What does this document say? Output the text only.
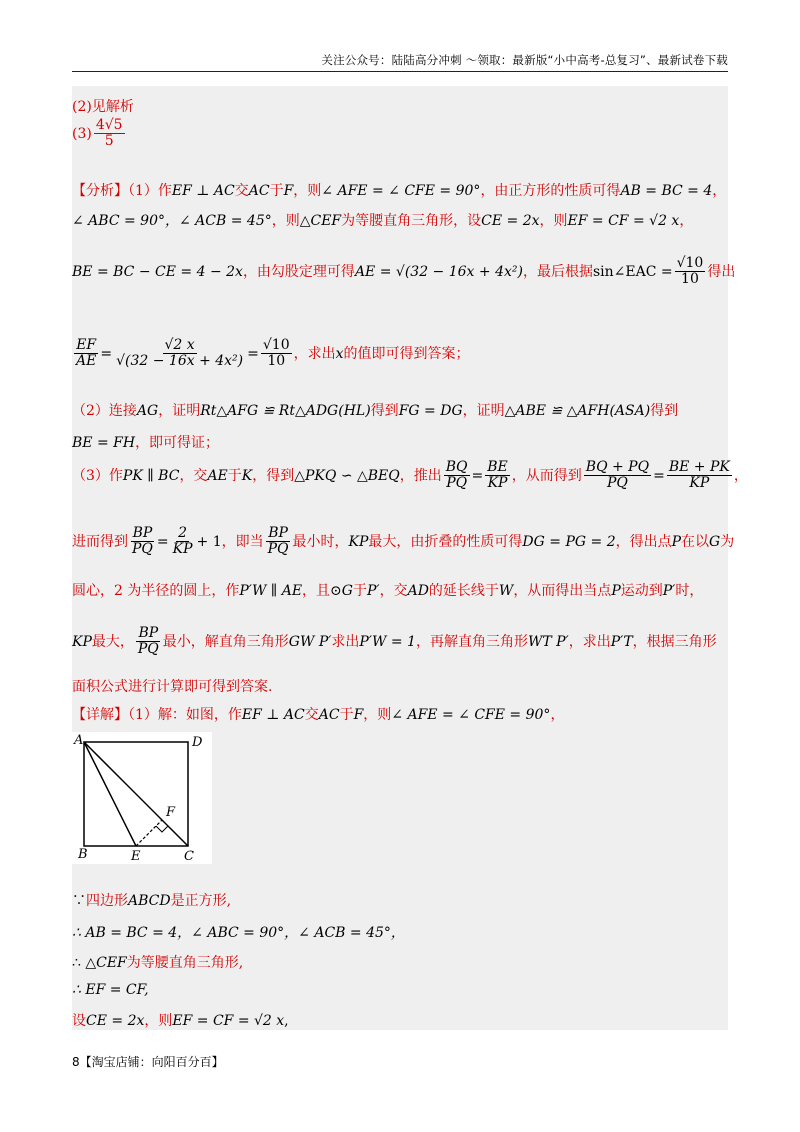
关注公众号：陆陆高分冲刺 〜领取：最新版“小中高考-总复习”、最新试卷下载
(2)见解析
$(3) \frac{4√5}{5}$
【分析】（1）作EF ⊥ AC交AC于F，则∠ AFE = ∠ CFE = 90°，由正方形的性质可得AB = BC = 4，
∠ ABC = 90°，∠ ACB = 45°，则△CEF为等腰直角三角形，设CE = 2x，则EF = CF = √2 x，
BE = BC − CE = 4 − 2x，由勾股定理可得AE = √(32 − 16x + 4x²)，最后根据sin∠EAC = $\frac{√10}{10}$ 得出
$\frac{EF}{AE} = \frac{√2 x}{\text{√(32 − 16x + 4x²)}} = \frac{√10}{10}$ ，求出x的值即可得到答案；
（2）连接AG，证明Rt△AFG ≌ Rt△ADG(HL)得到FG = DG，证明△ABE ≌ △AFH(ASA)得到
BE = FH，即可得证；
（3）作PK ∥ BC，交AE于K，得到△PKQ ∽ △BEQ，推出 $\frac{BQ}{PQ} = \frac{BE}{KP}$ ，从而得到 $\frac{BQ + PQ}{PQ} = \frac{BE + PK}{KP}$ ，
进而得到 $\frac{BP}{PQ} = \frac{2}{KP} + 1$，即当 $\frac{BP}{PQ}$ 最小时，KP最大，由折叠的性质可得DG = PG = 2，得出点P在以G为
圆心，2 为半径的圆上，作P′W ∥ AE，且⊙G于P′，交AD的延长线于W，从而得出当点P运动到P′时，
KP最大， $\frac{BP}{PQ}$ 最小，解直角三角形GW P′求出P′W = 1，再解直角三角形WT P′，求出P′T，根据三角形
面积公式进行计算即可得到答案.
【详解】（1）解：如图，作EF ⊥ AC交AC于F，则∠ AFE = ∠ CFE = 90°，
∵四边形ABCD是正方形,
∴ AB = BC = 4，∠ ABC = 90°，∠ ACB = 45°，
∴ △CEF为等腰直角三角形,
∴ EF = CF,
设CE = 2x，则EF = CF = √2 x,
A	D
B	E	C
F
8【淘宝店铺：向阳百分百】
